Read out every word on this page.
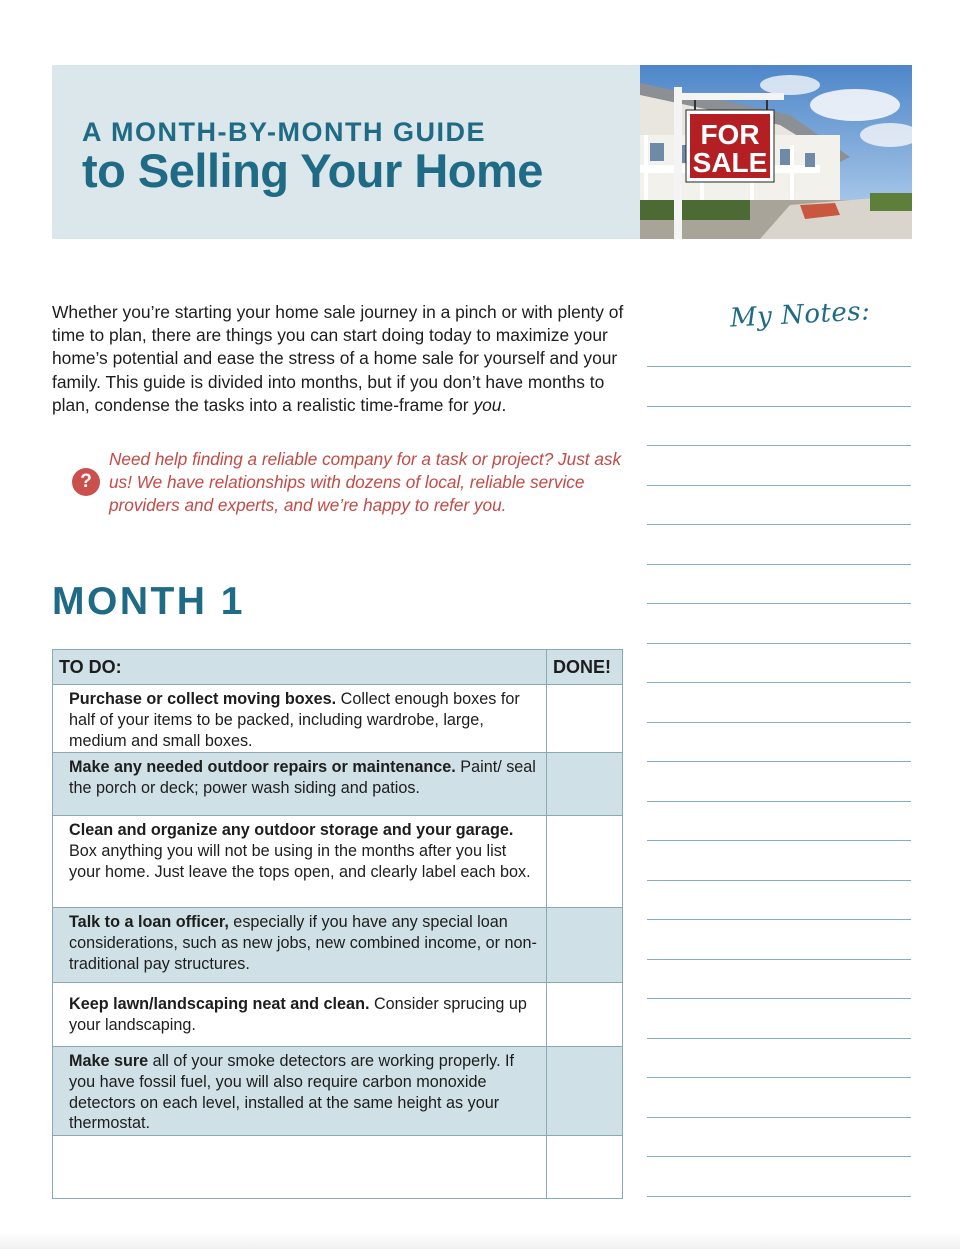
A MONTH-BY-MONTH GUIDE
to Selling Your Home
FOR
SALE

Whether you’re starting your home sale journey in a pinch or with plenty of time to plan, there are things you can start doing today to maximize your home’s potential and ease the stress of a home sale for yourself and your family. This guide is divided into months, but if you don’t have months to plan, condense the tasks into a realistic time-frame for you.

?

Need help finding a reliable company for a task or project? Just ask us! We have relationships with dozens of local, reliable service providers and experts, and we’re happy to refer you.

MONTH 1
TO DO:	DONE!
Purchase or collect moving boxes. Collect enough boxes for half of your items to be packed, including wardrobe, large, medium and small boxes.	
Make any needed outdoor repairs or maintenance. Paint/ seal the porch or deck; power wash siding and patios.	
Clean and organize any outdoor storage and your garage. Box anything you will not be using in the months after you list your home. Just leave the tops open, and clearly label each box.	
Talk to a loan officer, especially if you have any special loan considerations, such as new jobs, new combined income, or non-traditional pay structures.	
Keep lawn/landscaping neat and clean. Consider sprucing up your landscaping.	
Make sure all of your smoke detectors are working properly. If you have fossil fuel, you will also require carbon monoxide detectors on each level, installed at the same height as your thermostat.	

My Notes:
